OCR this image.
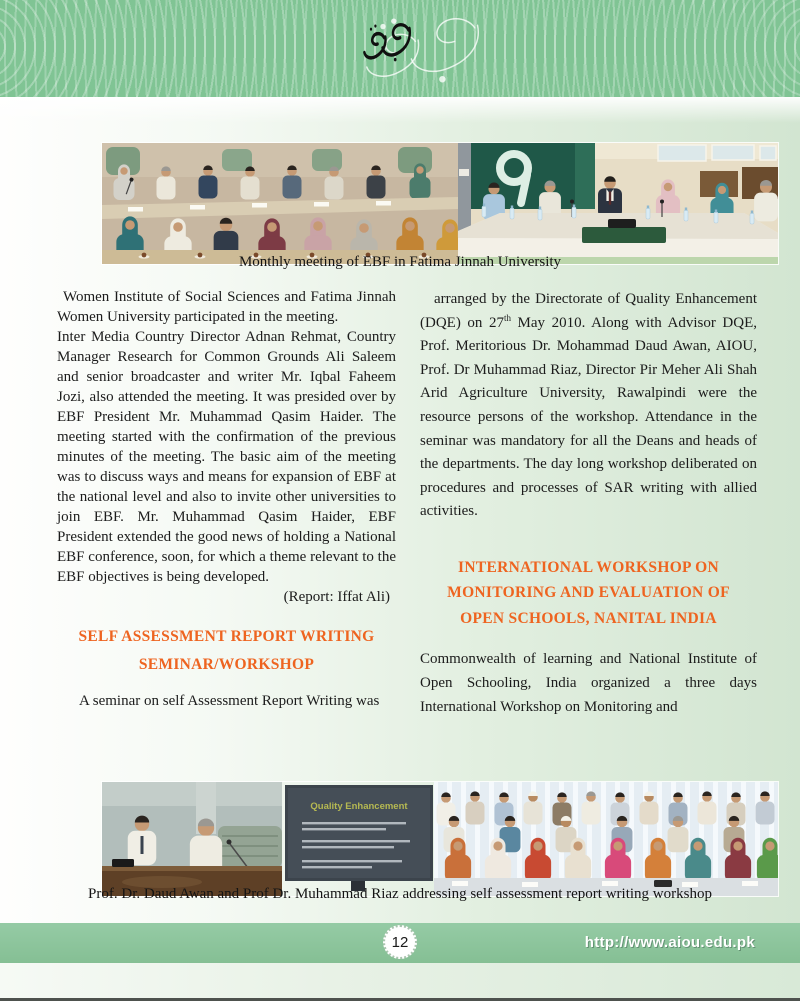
Monthly meeting of EBF in Fatima Jinnah University

Women Institute of Social Sciences and Fatima Jinnah Women University participated in the meeting.

Inter Media Country Director Adnan Rehmat, Country Manager Research for Common Grounds Ali Saleem and senior broadcaster and writer Mr. Iqbal Faheem Jozi, also attended the meeting. It was presided over by EBF President Mr. Muhammad Qasim Haider. The meeting started with the confirmation of the previous minutes of the meeting. The basic aim of the meeting was to discuss ways and means for expansion of EBF at the national level and also to invite other universities to join EBF. Mr. Muhammad Qasim Haider, EBF President extended the good news of holding a National EBF conference, soon, for which a theme relevant to the EBF objectives is being developed.

(Report: Iffat Ali)

SELF ASSESSMENT REPORT WRITING
SEMINAR/WORKSHOP

A seminar on self Assessment Report Writing was

arranged by the Directorate of Quality Enhancement (DQE) on 27th May 2010. Along with Advisor DQE, Prof. Meritorious Dr. Mohammad Daud Awan, AIOU, Prof. Dr Muhammad Riaz, Director Pir Meher Ali Shah Arid Agriculture University, Rawalpindi were the resource persons of the workshop. Attendance in the seminar was mandatory for all the Deans and heads of the departments. The day long workshop deliberated on procedures and processes of SAR writing with allied activities.

INTERNATIONAL WORKSHOP ON
MONITORING AND EVALUATION OF
OPEN SCHOOLS, NANITAL INDIA

Commonwealth of learning and National Institute of Open Schooling, India organized a three days International Workshop on Monitoring and

Quality Enhancement
Prof. Dr. Daud Awan and Prof Dr. Muhammad Riaz addressing self assessment report writing workshop
12	http://www.aiou.edu.pk
